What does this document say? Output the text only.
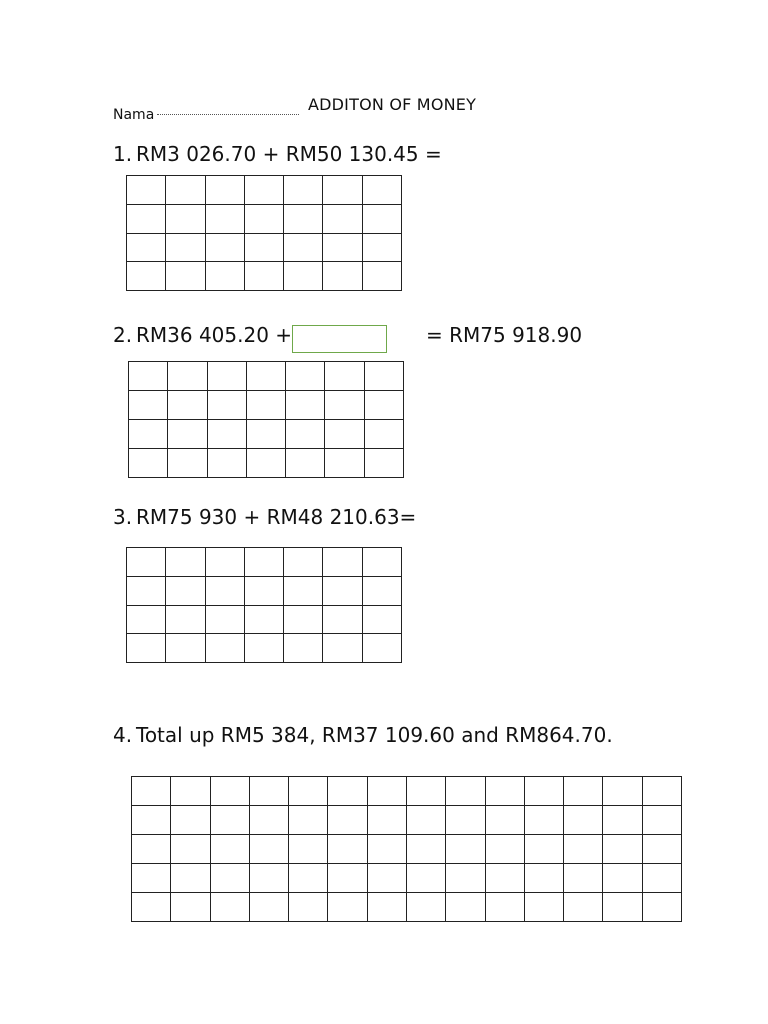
Nama
ADDITON OF MONEY
1. RM3 026.70 + RM50 130.45 =

2. RM36 405.20 +	= RM75 918.90

3. RM75 930 + RM48 210.63=

4. Total up RM5 384, RM37 109.60 and RM864.70.
